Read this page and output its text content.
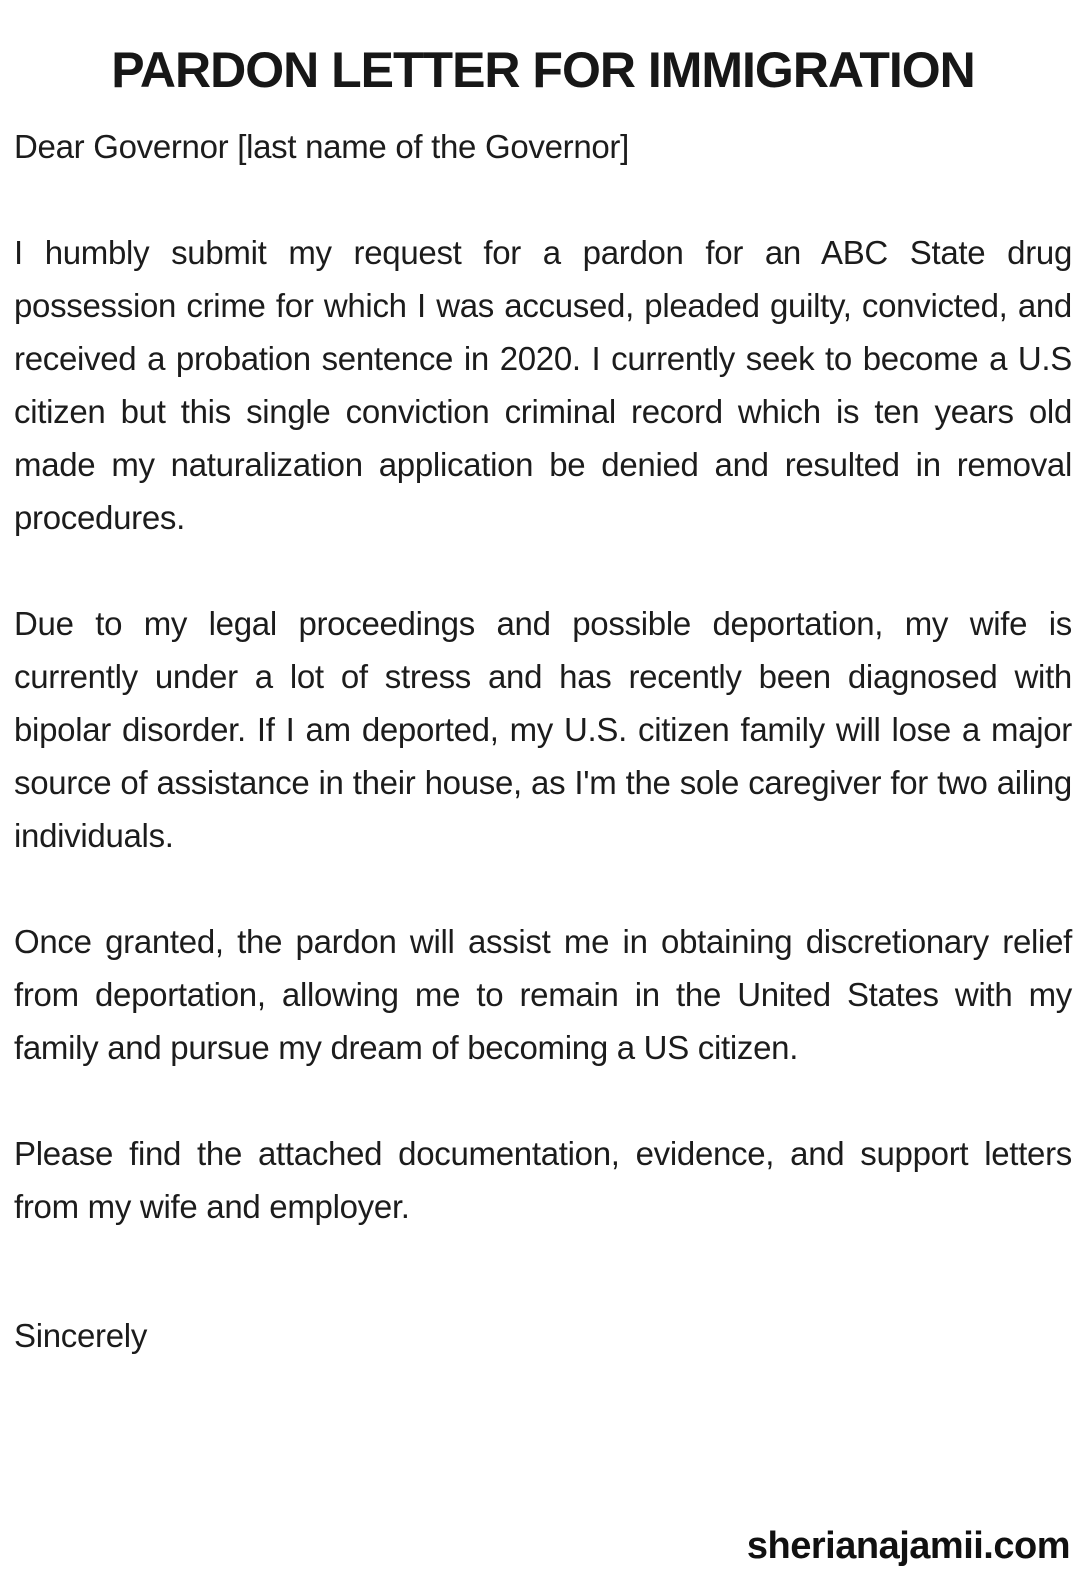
PARDON LETTER FOR IMMIGRATION

Dear Governor [last name of the Governor]

I humbly submit my request for a pardon for an ABC State drug possession crime for which I was accused, pleaded guilty, convicted, and received a probation sentence in 2020. I currently seek to become a U.S citizen but this single conviction criminal record which is ten years old made my naturalization application be denied and resulted in removal procedures.

Due to my legal proceedings and possible deportation, my wife is currently under a lot of stress and has recently been diagnosed with bipolar disorder. If I am deported, my U.S. citizen family will lose a major source of assistance in their house, as I'm the sole caregiver for two ailing individuals.

Once granted, the pardon will assist me in obtaining discretionary relief from deportation, allowing me to remain in the United States with my family and pursue my dream of becoming a US citizen.

Please find the attached documentation, evidence, and support letters from my wife and employer.

Sincerely

sherianajamii.com
